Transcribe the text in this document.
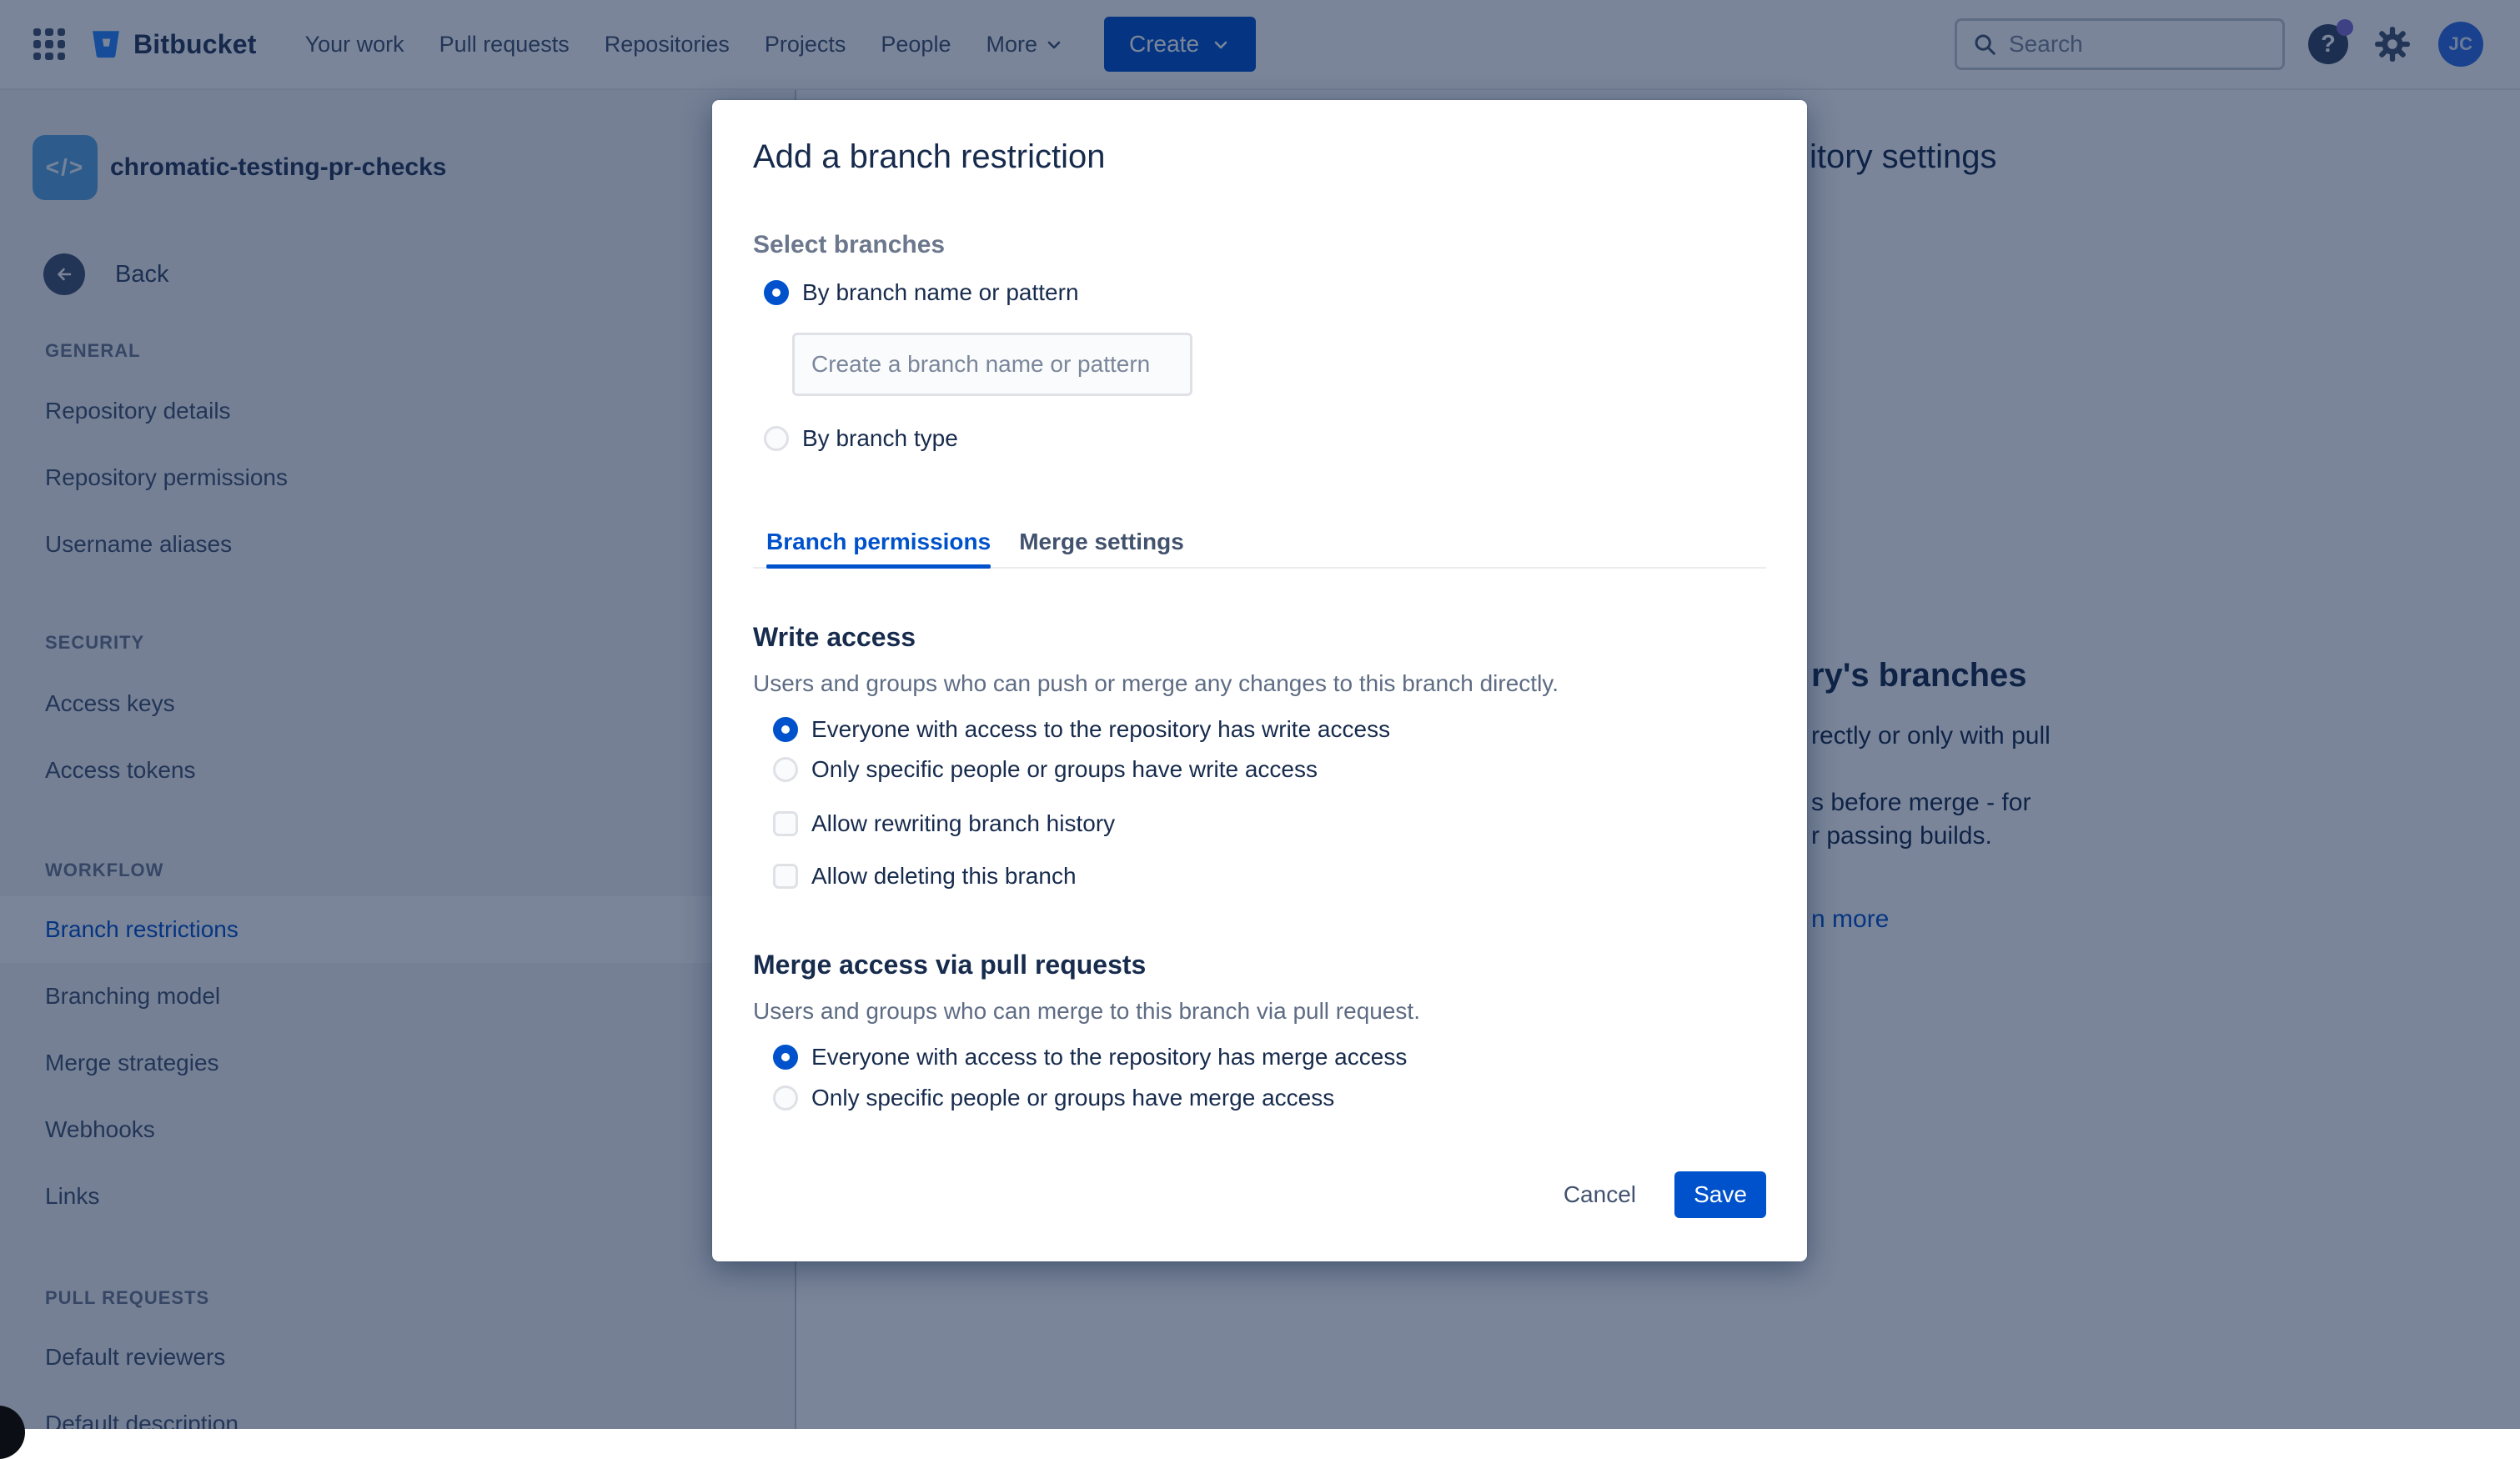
Search
Add a branch restriction
Select branches
By branch name or pattern
Create a branch name or pattern
By branch type
Branch permissions Merge settings
Write access
Users and groups who can push or merge any changes to this branch directly.
Everyone with access to the repository has write access
Only specific people or groups have write access
Allow rewriting branch history
Allow deleting this branch
Merge access via pull requests
Users and groups who can merge to this branch via pull request.
Everyone with access to the repository has merge access
Only specific people or groups have merge access
Cancel	Save
